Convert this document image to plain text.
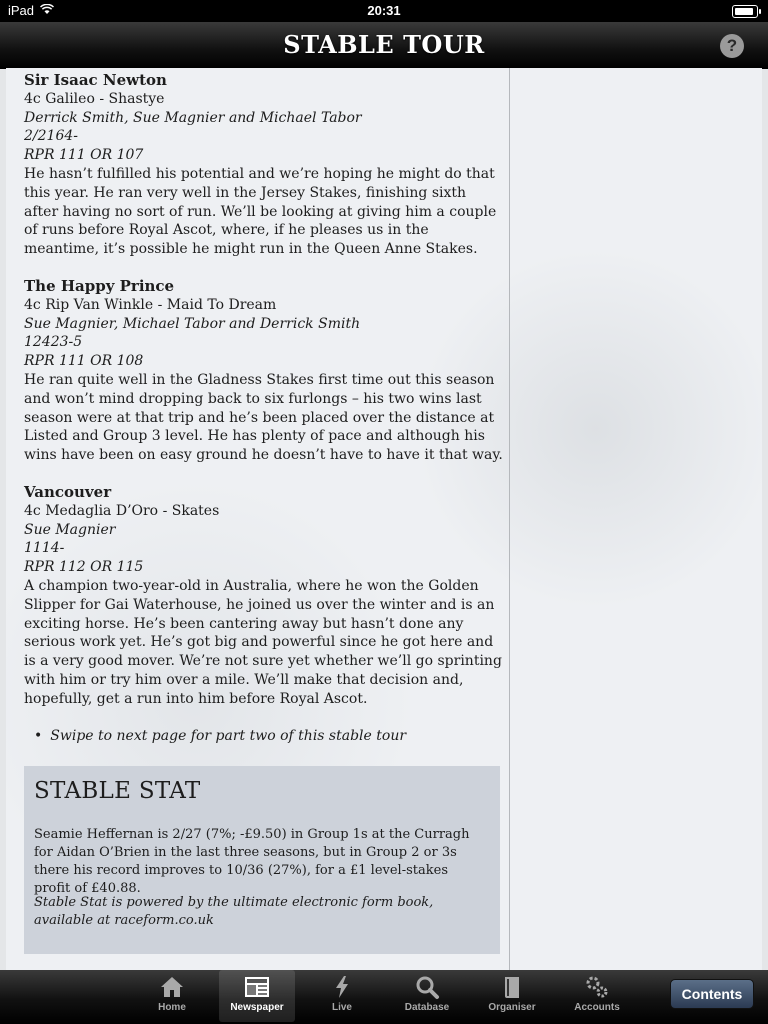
iPad	20:31
STABLE TOUR	?

Sir Isaac Newton

4c Galileo - Shastye

Derrick Smith, Sue Magnier and Michael Tabor

2/2164-

RPR 111 OR 107

He hasn’t fulfilled his potential and we’re hoping he might do that this year. He ran very well in the Jersey Stakes, finishing sixth after having no sort of run. We’ll be looking at giving him a couple of runs before Royal Ascot, where, if he pleases us in the meantime, it’s possible he might run in the Queen Anne Stakes.

The Happy Prince

4c Rip Van Winkle - Maid To Dream

Sue Magnier, Michael Tabor and Derrick Smith

12423-5

RPR 111 OR 108

He ran quite well in the Gladness Stakes first time out this season and won’t mind dropping back to six furlongs – his two wins last season were at that trip and he’s been placed over the distance at Listed and Group 3 level. He has plenty of pace and although his wins have been on easy ground he doesn’t have to have it that way.

Vancouver

4c Medaglia D’Oro - Skates

Sue Magnier

1114-

RPR 112 OR 115

A champion two-year-old in Australia, where he won the Golden Slipper for Gai Waterhouse, he joined us over the winter and is an exciting horse. He’s been cantering away but hasn’t done any serious work yet. He’s got big and powerful since he got here and is a very good mover. We’re not sure yet whether we’ll go sprinting with him or try him over a mile. We’ll make that decision and, hopefully, get a run into him before Royal Ascot.

• Swipe to next page for part two of this stable tour
STABLE STAT
Seamie Heffernan is 2/27 (7%; -£9.50) in Group 1s at the Curragh for Aidan O’Brien in the last three seasons, but in Group 2 or 3s there his record improves to 10/36 (27%), for a £1 level-stakes profit of £40.88.
Stable Stat is powered by the ultimate electronic form book, available at raceform.co.uk
Home	Newspaper	Live	Database	Organiser	Accounts
Contents
